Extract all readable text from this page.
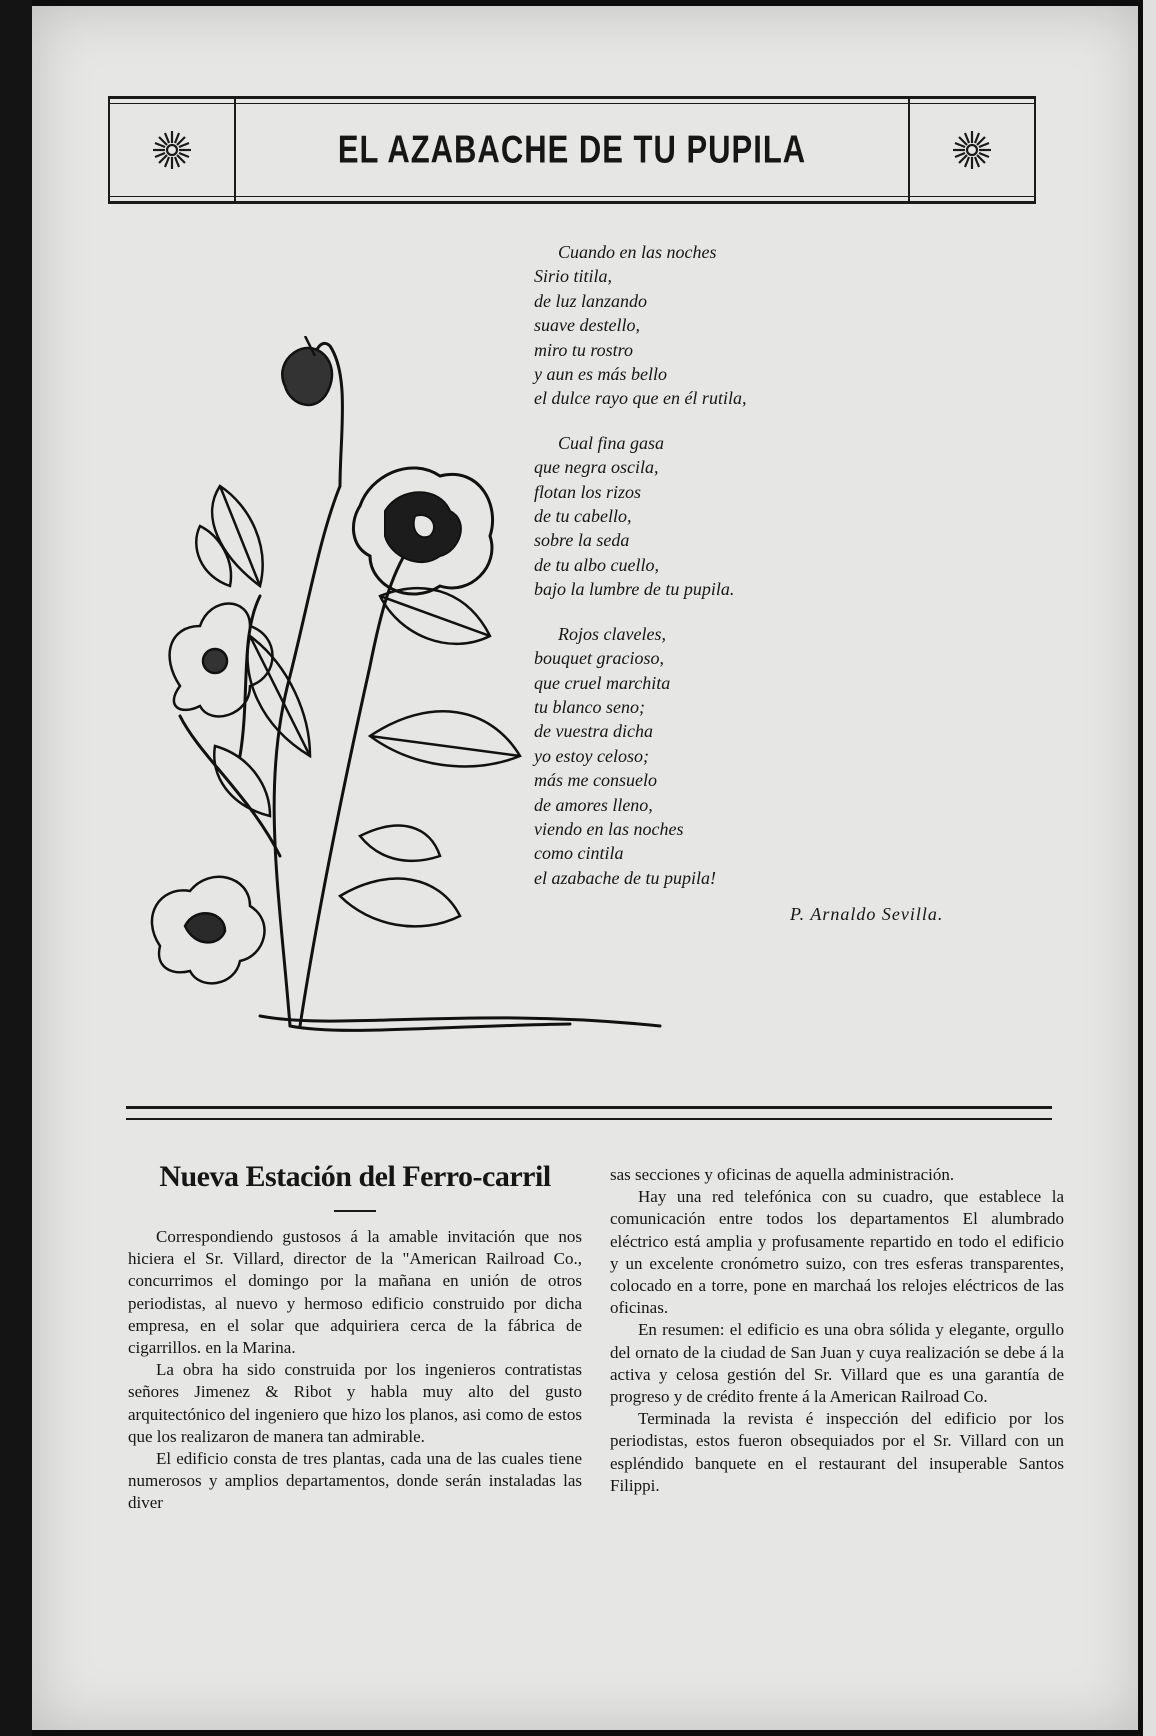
EL AZABACHE DE TU PUPILA
Cuando en las noches
Sirio titila,
de luz lanzando
suave destello,
miro tu rostro
y aun es más bello
el dulce rayo que en él rutila,
Cual fina gasa
que negra oscila,
flotan los rizos
de tu cabello,
sobre la seda
de tu albo cuello,
bajo la lumbre de tu pupila.
Rojos claveles,
bouquet gracioso,
que cruel marchita
tu blanco seno;
de vuestra dicha
yo estoy celoso;
más me consuelo
de amores lleno,
viendo en las noches
como cintila
el azabache de tu pupila!
P. Arnaldo Sevilla.
Nueva Estación del Ferro-carril

Correspondiendo gustosos á la amable invitación que nos hiciera el Sr. Villard, director de la "American Railroad Co., concurrimos el domingo por la mañana en unión de otros periodistas, al nuevo y hermoso edificio construido por dicha empresa, en el solar que adquiriera cerca de la fábrica de cigarrillos. en la Marina.

La obra ha sido construida por los ingenieros contratistas señores Jimenez & Ribot y habla muy alto del gusto arquitectónico del ingeniero que hizo los planos, asi como de estos que los realizaron de manera tan admirable.

El edificio consta de tres plantas, cada una de las cuales tiene numerosos y amplios departamentos, donde serán instaladas las diver

sas secciones y oficinas de aquella administración.

Hay una red telefónica con su cuadro, que establece la comunicación entre todos los departamentos El alumbrado eléctrico está amplia y profusamente repartido en todo el edificio y un excelente cronómetro suizo, con tres esferas transparentes, colocado en a torre, pone en marchaá los relojes eléctricos de las oficinas.

En resumen: el edificio es una obra sólida y elegante, orgullo del ornato de la ciudad de San Juan y cuya realización se debe á la activa y celosa gestión del Sr. Villard que es una garantía de progreso y de crédito frente á la American Railroad Co.

Terminada la revista é inspección del edificio por los periodistas, estos fueron obsequiados por el Sr. Villard con un espléndido banquete en el restaurant del insuperable Santos Filippi.
